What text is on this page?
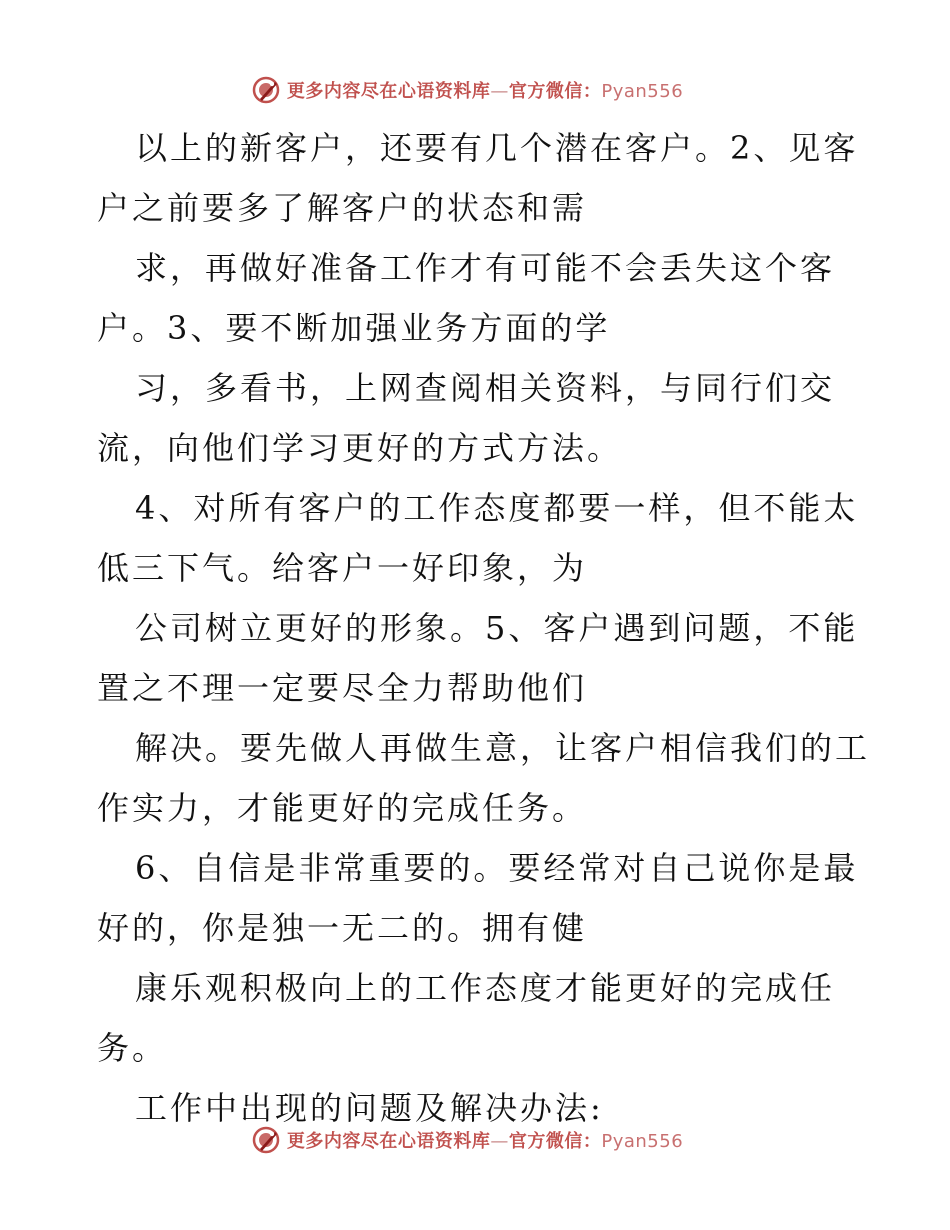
更多内容尽在心语资料库—官方微信：Pyan556
以上的新客户，还要有几个潜在客户。2、见客
户之前要多了解客户的状态和需
求，再做好准备工作才有可能不会丢失这个客
户。3、要不断加强业务方面的学
习，多看书，上网查阅相关资料，与同行们交
流，向他们学习更好的方式方法。
4、对所有客户的工作态度都要一样，但不能太
低三下气。给客户一好印象，为
公司树立更好的形象。5、客户遇到问题，不能
置之不理一定要尽全力帮助他们
解决。要先做人再做生意，让客户相信我们的工
作实力，才能更好的完成任务。
6、自信是非常重要的。要经常对自己说你是最
好的，你是独一无二的。拥有健
康乐观积极向上的工作态度才能更好的完成任
务。
工作中出现的问题及解决办法:
更多内容尽在心语资料库—官方微信：Pyan556
